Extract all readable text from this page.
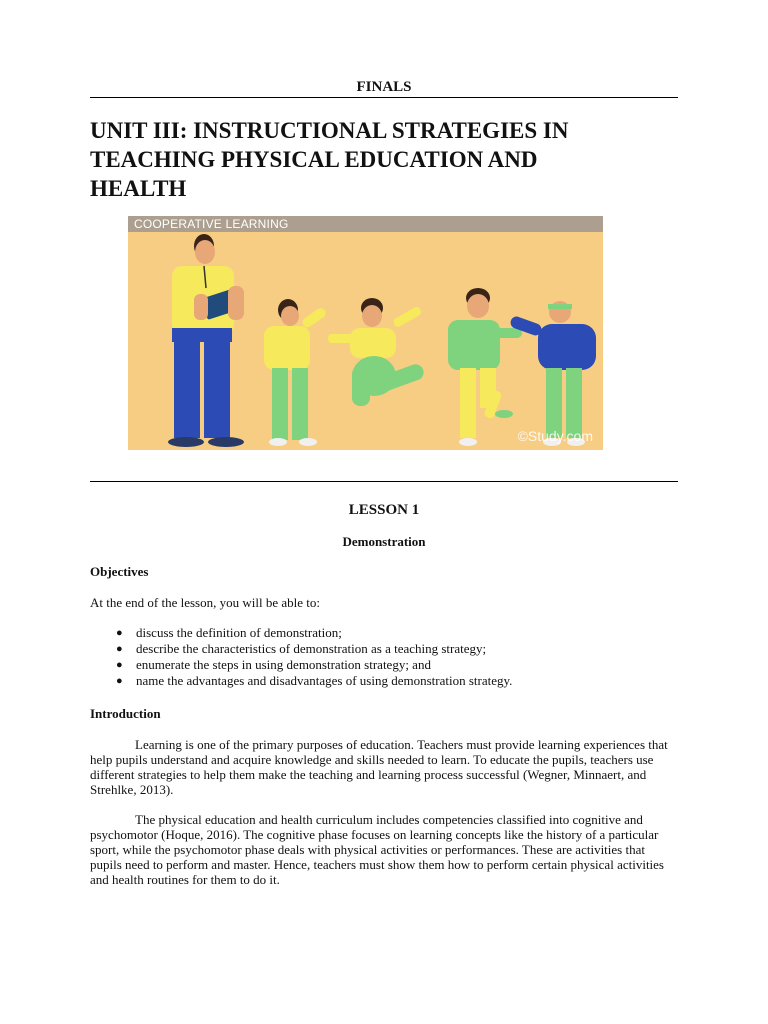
FINALS
UNIT III: INSTRUCTIONAL STRATEGIES IN
TEACHING PHYSICAL EDUCATION AND
HEALTH
COOPERATIVE LEARNING
©Study.com
LESSON 1
Demonstration
Objectives

At the end of the lesson, you will be able to:

● discuss the definition of demonstration;
● describe the characteristics of demonstration as a teaching strategy;
● enumerate the steps in using demonstration strategy; and
● name the advantages and disadvantages of using demonstration strategy.
Introduction

Learning is one of the primary purposes of education. Teachers must provide learning experiences that help pupils understand and acquire knowledge and skills needed to learn. To educate the pupils, teachers use different strategies to help them make the teaching and learning process successful (Wegner, Minnaert, and Strehlke, 2013).

The physical education and health curriculum includes competencies classified into cognitive and psychomotor (Hoque, 2016). The cognitive phase focuses on learning concepts like the history of a particular sport, while the psychomotor phase deals with physical activities or performances. These are activities that pupils need to perform and master. Hence, teachers must show them how to perform certain physical activities and health routines for them to do it.
